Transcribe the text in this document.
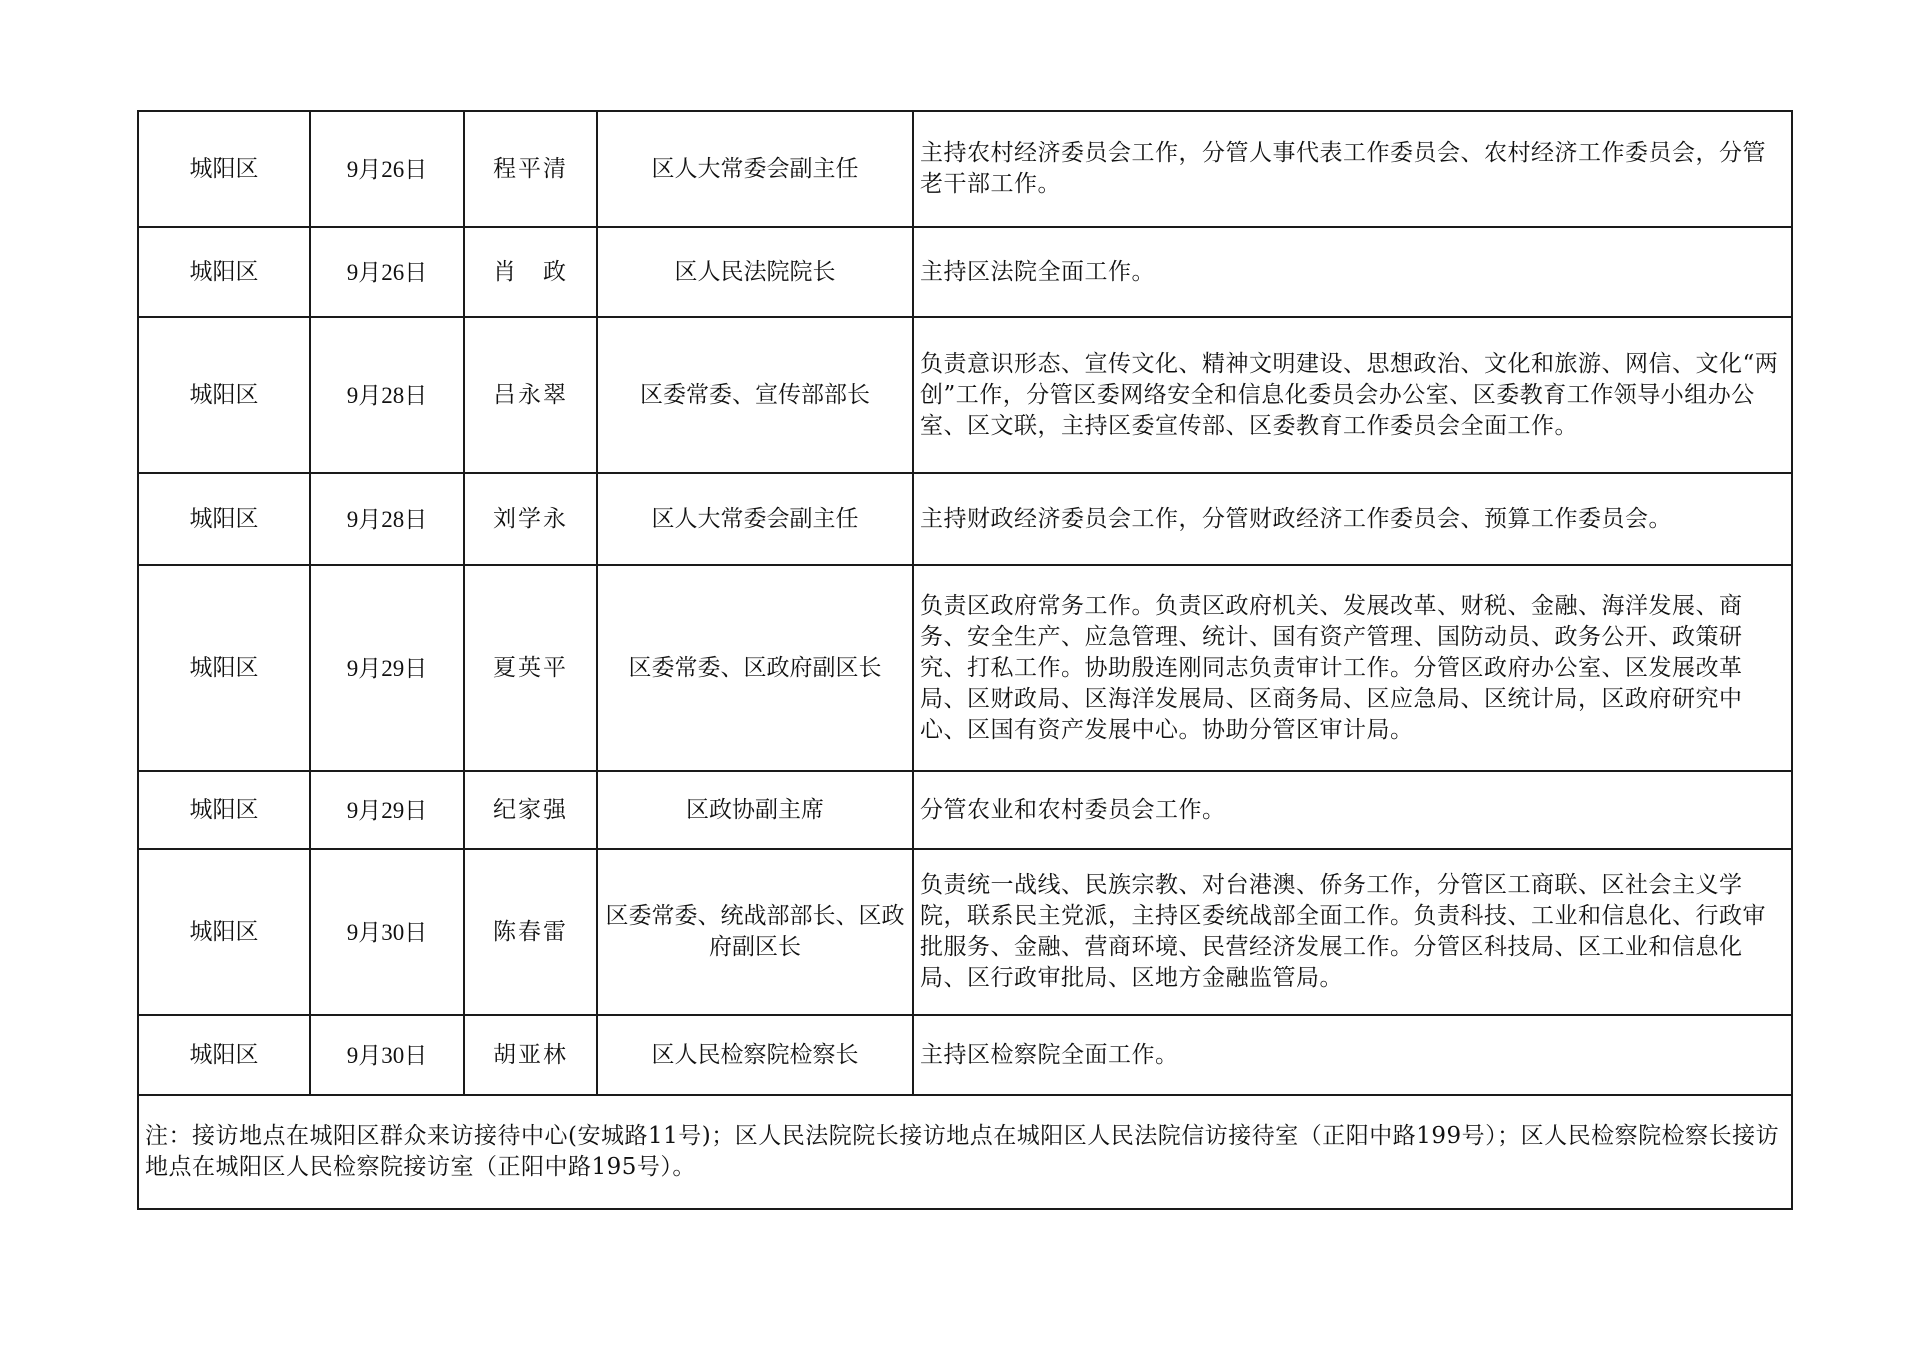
城阳区	9月26日	程平清	区人大常委会副主任	主持农村经济委员会工作，分管人事代表工作委员会、农村经济工作委员会，分管老干部工作。
城阳区	9月26日	肖　政	区人民法院院长	主持区法院全面工作。
城阳区	9月28日	吕永翠	区委常委、宣传部部长	负责意识形态、宣传文化、精神文明建设、思想政治、文化和旅游、网信、文化“两创”工作，分管区委网络安全和信息化委员会办公室、区委教育工作领导小组办公室、区文联，主持区委宣传部、区委教育工作委员会全面工作。
城阳区	9月28日	刘学永	区人大常委会副主任	主持财政经济委员会工作，分管财政经济工作委员会、预算工作委员会。
城阳区	9月29日	夏英平	区委常委、区政府副区长	负责区政府常务工作。负责区政府机关、发展改革、财税、金融、海洋发展、商务、安全生产、应急管理、统计、国有资产管理、国防动员、政务公开、政策研究、打私工作。协助殷连刚同志负责审计工作。分管区政府办公室、区发展改革局、区财政局、区海洋发展局、区商务局、区应急局、区统计局，区政府研究中心、区国有资产发展中心。协助分管区审计局。
城阳区	9月29日	纪家强	区政协副主席	分管农业和农村委员会工作。
城阳区	9月30日	陈春雷	区委常委、统战部部长、区政府副区长	负责统一战线、民族宗教、对台港澳、侨务工作，分管区工商联、区社会主义学院，联系民主党派，主持区委统战部全面工作。负责科技、工业和信息化、行政审批服务、金融、营商环境、民营经济发展工作。分管区科技局、区工业和信息化局、区行政审批局、区地方金融监管局。
城阳区	9月30日	胡亚林	区人民检察院检察长	主持区检察院全面工作。
注：接访地点在城阳区群众来访接待中心(安城路11号)；区人民法院院长接访地点在城阳区人民法院信访接待室（正阳中路199号）；区人民检察院检察长接访地点在城阳区人民检察院接访室（正阳中路195号）。				
